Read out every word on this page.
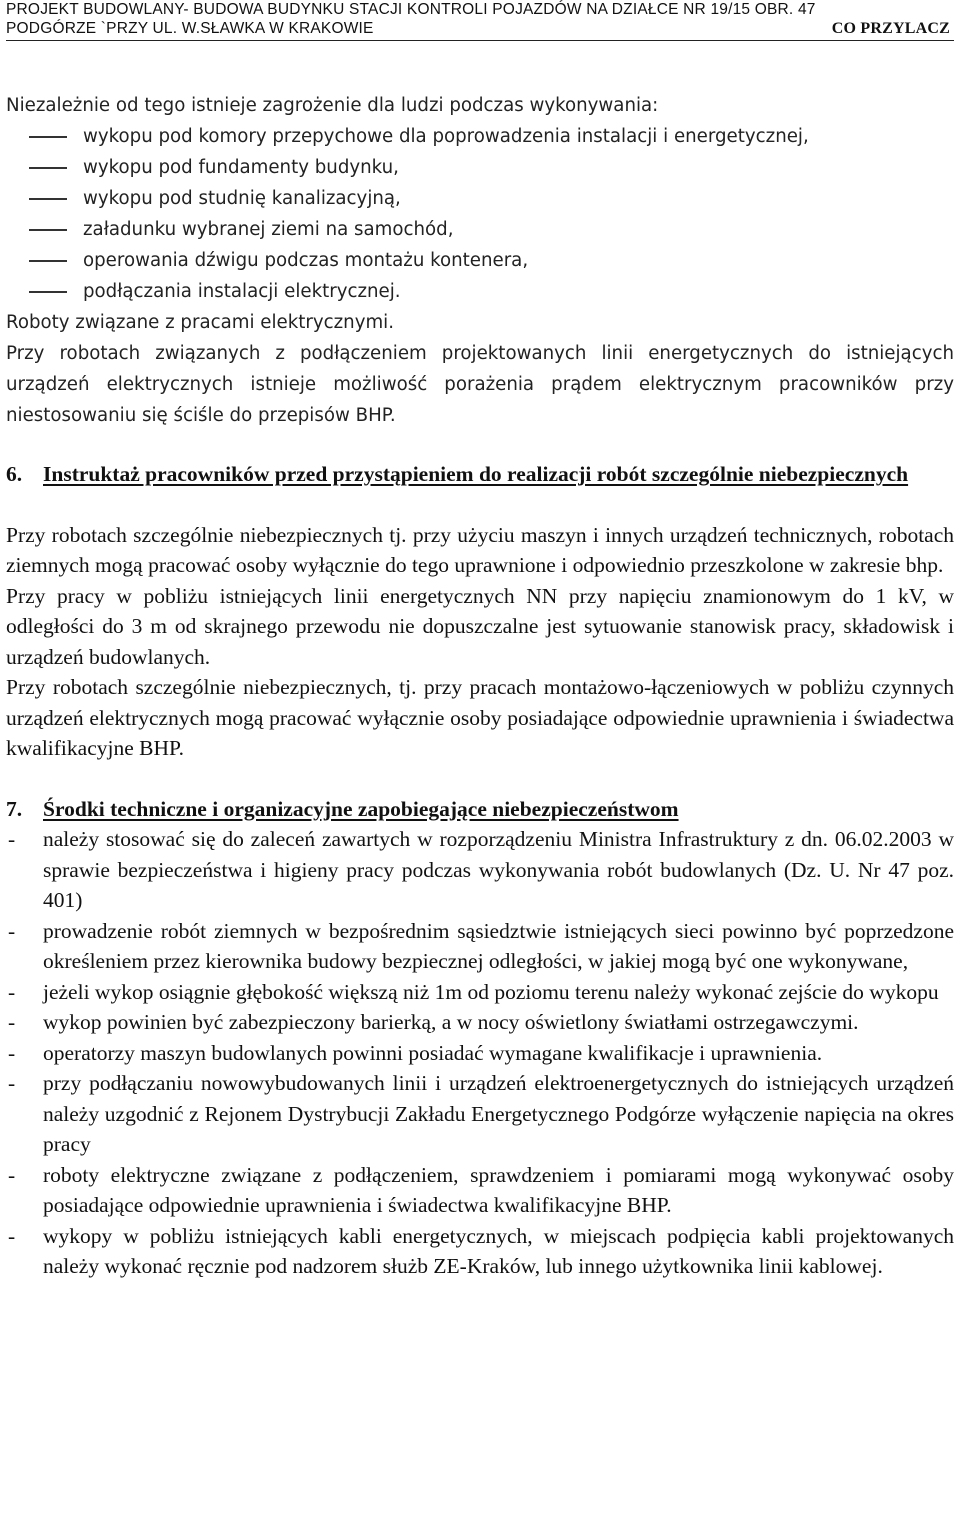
PROJEKT BUDOWLANY- BUDOWA BUDYNKU STACJI KONTROLI POJAZDÓW NA DZIAŁCE NR 19/15 OBR. 47
PODGÓRZE `PRZY UL. W.SŁAWKA W KRAKOWIE	CO PRZYLACZ
Niezależnie od tego istnieje zagrożenie dla ludzi podczas wykonywania:
wykopu pod komory przepychowe dla poprowadzenia instalacji i energetycznej,
wykopu pod fundamenty budynku,
wykopu pod studnię kanalizacyjną,
załadunku wybranej ziemi na samochód,
operowania dźwigu podczas montażu kontenera,
podłączania instalacji elektrycznej.
Roboty związane z pracami elektrycznymi.
Przy robotach związanych z podłączeniem projektowanych linii energetycznych do istniejących urządzeń elektrycznych istnieje możliwość porażenia prądem elektrycznym pracowników przy niestosowaniu się ściśle do przepisów BHP.
6. Instruktaż pracowników przed przystąpieniem do realizacji robót szczególnie niebezpiecznych
Przy robotach szczególnie niebezpiecznych tj. przy użyciu maszyn i innych urządzeń technicznych, robotach ziemnych mogą pracować osoby wyłącznie do tego uprawnione i odpowiednio przeszkolone w zakresie bhp.
Przy pracy w pobliżu istniejących linii energetycznych NN przy napięciu znamionowym do 1 kV, w odległości do 3 m od skrajnego przewodu nie dopuszczalne jest sytuowanie stanowisk pracy, składowisk i urządzeń budowlanych.
Przy robotach szczególnie niebezpiecznych, tj. przy pracach montażowo-łączeniowych w pobliżu czynnych urządzeń elektrycznych mogą pracować wyłącznie osoby posiadające odpowiednie uprawnienia i świadectwa kwalifikacyjne BHP.
7. Środki techniczne i organizacyjne zapobiegające niebezpieczeństwom
- należy stosować się do zaleceń zawartych w rozporządzeniu Ministra Infrastruktury z dn. 06.02.2003 w sprawie bezpieczeństwa i higieny pracy podczas wykonywania robót budowlanych (Dz. U. Nr 47 poz. 401)
- prowadzenie robót ziemnych w bezpośrednim sąsiedztwie istniejących sieci powinno być poprzedzone określeniem przez kierownika budowy bezpiecznej odległości, w jakiej mogą być one wykonywane,
- jeżeli wykop osiągnie głębokość większą niż 1m od poziomu terenu należy wykonać zejście do wykopu
- wykop powinien być zabezpieczony barierką, a w nocy oświetlony światłami ostrzegawczymi.
- operatorzy maszyn budowlanych powinni posiadać wymagane kwalifikacje i uprawnienia.
- przy podłączaniu nowowybudowanych linii i urządzeń elektroenergetycznych do istniejących urządzeń należy uzgodnić z Rejonem Dystrybucji Zakładu Energetycznego Podgórze wyłączenie napięcia na okres pracy
- roboty elektryczne związane z podłączeniem, sprawdzeniem i pomiarami mogą wykonywać osoby posiadające odpowiednie uprawnienia i świadectwa kwalifikacyjne BHP.
- wykopy w pobliżu istniejących kabli energetycznych, w miejscach podpięcia kabli projektowanych należy wykonać ręcznie pod nadzorem służb ZE-Kraków, lub innego użytkownika linii kablowej.
